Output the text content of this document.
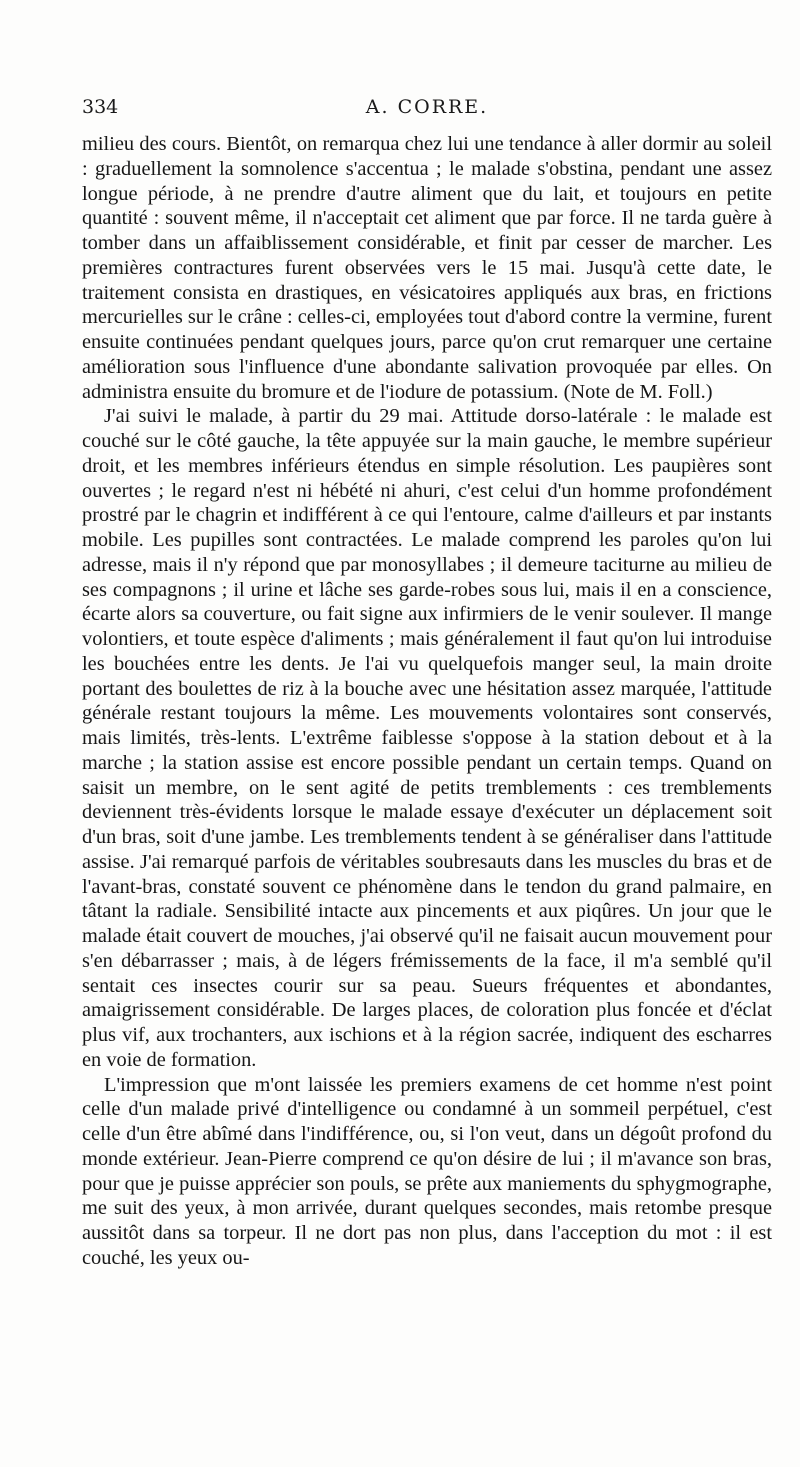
334	A. CORRE.

milieu des cours. Bientôt, on remarqua chez lui une tendance à aller dormir au soleil : graduellement la somnolence s'accentua ; le malade s'obstina, pendant une assez longue période, à ne prendre d'autre aliment que du lait, et toujours en petite quantité : souvent même, il n'acceptait cet aliment que par force. Il ne tarda guère à tomber dans un affaiblissement considérable, et finit par cesser de marcher. Les premières contractures furent observées vers le 15 mai. Jusqu'à cette date, le traitement consista en drastiques, en vésicatoires appliqués aux bras, en frictions mercurielles sur le crâne : celles-ci, employées tout d'abord contre la vermine, furent ensuite continuées pendant quelques jours, parce qu'on crut remarquer une certaine amélioration sous l'influence d'une abondante salivation provoquée par elles. On administra ensuite du bromure et de l'iodure de potassium. (Note de M. Foll.)

J'ai suivi le malade, à partir du 29 mai. Attitude dorso-latérale : le malade est couché sur le côté gauche, la tête appuyée sur la main gauche, le membre supérieur droit, et les membres inférieurs étendus en simple résolution. Les paupières sont ouvertes ; le regard n'est ni hébété ni ahuri, c'est celui d'un homme profondément prostré par le chagrin et indifférent à ce qui l'entoure, calme d'ailleurs et par instants mobile. Les pupilles sont contractées. Le malade comprend les paroles qu'on lui adresse, mais il n'y répond que par monosyllabes ; il demeure taciturne au milieu de ses compagnons ; il urine et lâche ses garde-robes sous lui, mais il en a conscience, écarte alors sa couverture, ou fait signe aux infirmiers de le venir soulever. Il mange volontiers, et toute espèce d'aliments ; mais généralement il faut qu'on lui introduise les bouchées entre les dents. Je l'ai vu quelquefois manger seul, la main droite portant des boulettes de riz à la bouche avec une hésitation assez marquée, l'attitude générale restant toujours la même. Les mouvements volontaires sont conservés, mais limités, très-lents. L'extrême faiblesse s'oppose à la station debout et à la marche ; la station assise est encore possible pendant un certain temps. Quand on saisit un membre, on le sent agité de petits tremblements : ces tremblements deviennent très-évidents lorsque le malade essaye d'exécuter un déplacement soit d'un bras, soit d'une jambe. Les tremblements tendent à se généraliser dans l'attitude assise. J'ai remarqué parfois de véritables soubresauts dans les muscles du bras et de l'avant-bras, constaté souvent ce phénomène dans le tendon du grand palmaire, en tâtant la radiale. Sensibilité intacte aux pincements et aux piqûres. Un jour que le malade était couvert de mouches, j'ai observé qu'il ne faisait aucun mouvement pour s'en débarrasser ; mais, à de légers frémissements de la face, il m'a semblé qu'il sentait ces insectes courir sur sa peau. Sueurs fréquentes et abondantes, amaigrissement considérable. De larges places, de coloration plus foncée et d'éclat plus vif, aux trochanters, aux ischions et à la région sacrée, indiquent des escharres en voie de formation.

L'impression que m'ont laissée les premiers examens de cet homme n'est point celle d'un malade privé d'intelligence ou condamné à un sommeil perpétuel, c'est celle d'un être abîmé dans l'indifférence, ou, si l'on veut, dans un dégoût profond du monde extérieur. Jean-Pierre comprend ce qu'on désire de lui ; il m'avance son bras, pour que je puisse apprécier son pouls, se prête aux maniements du sphygmographe, me suit des yeux, à mon arrivée, durant quelques secondes, mais retombe presque aussitôt dans sa torpeur. Il ne dort pas non plus, dans l'acception du mot : il est couché, les yeux ou-
